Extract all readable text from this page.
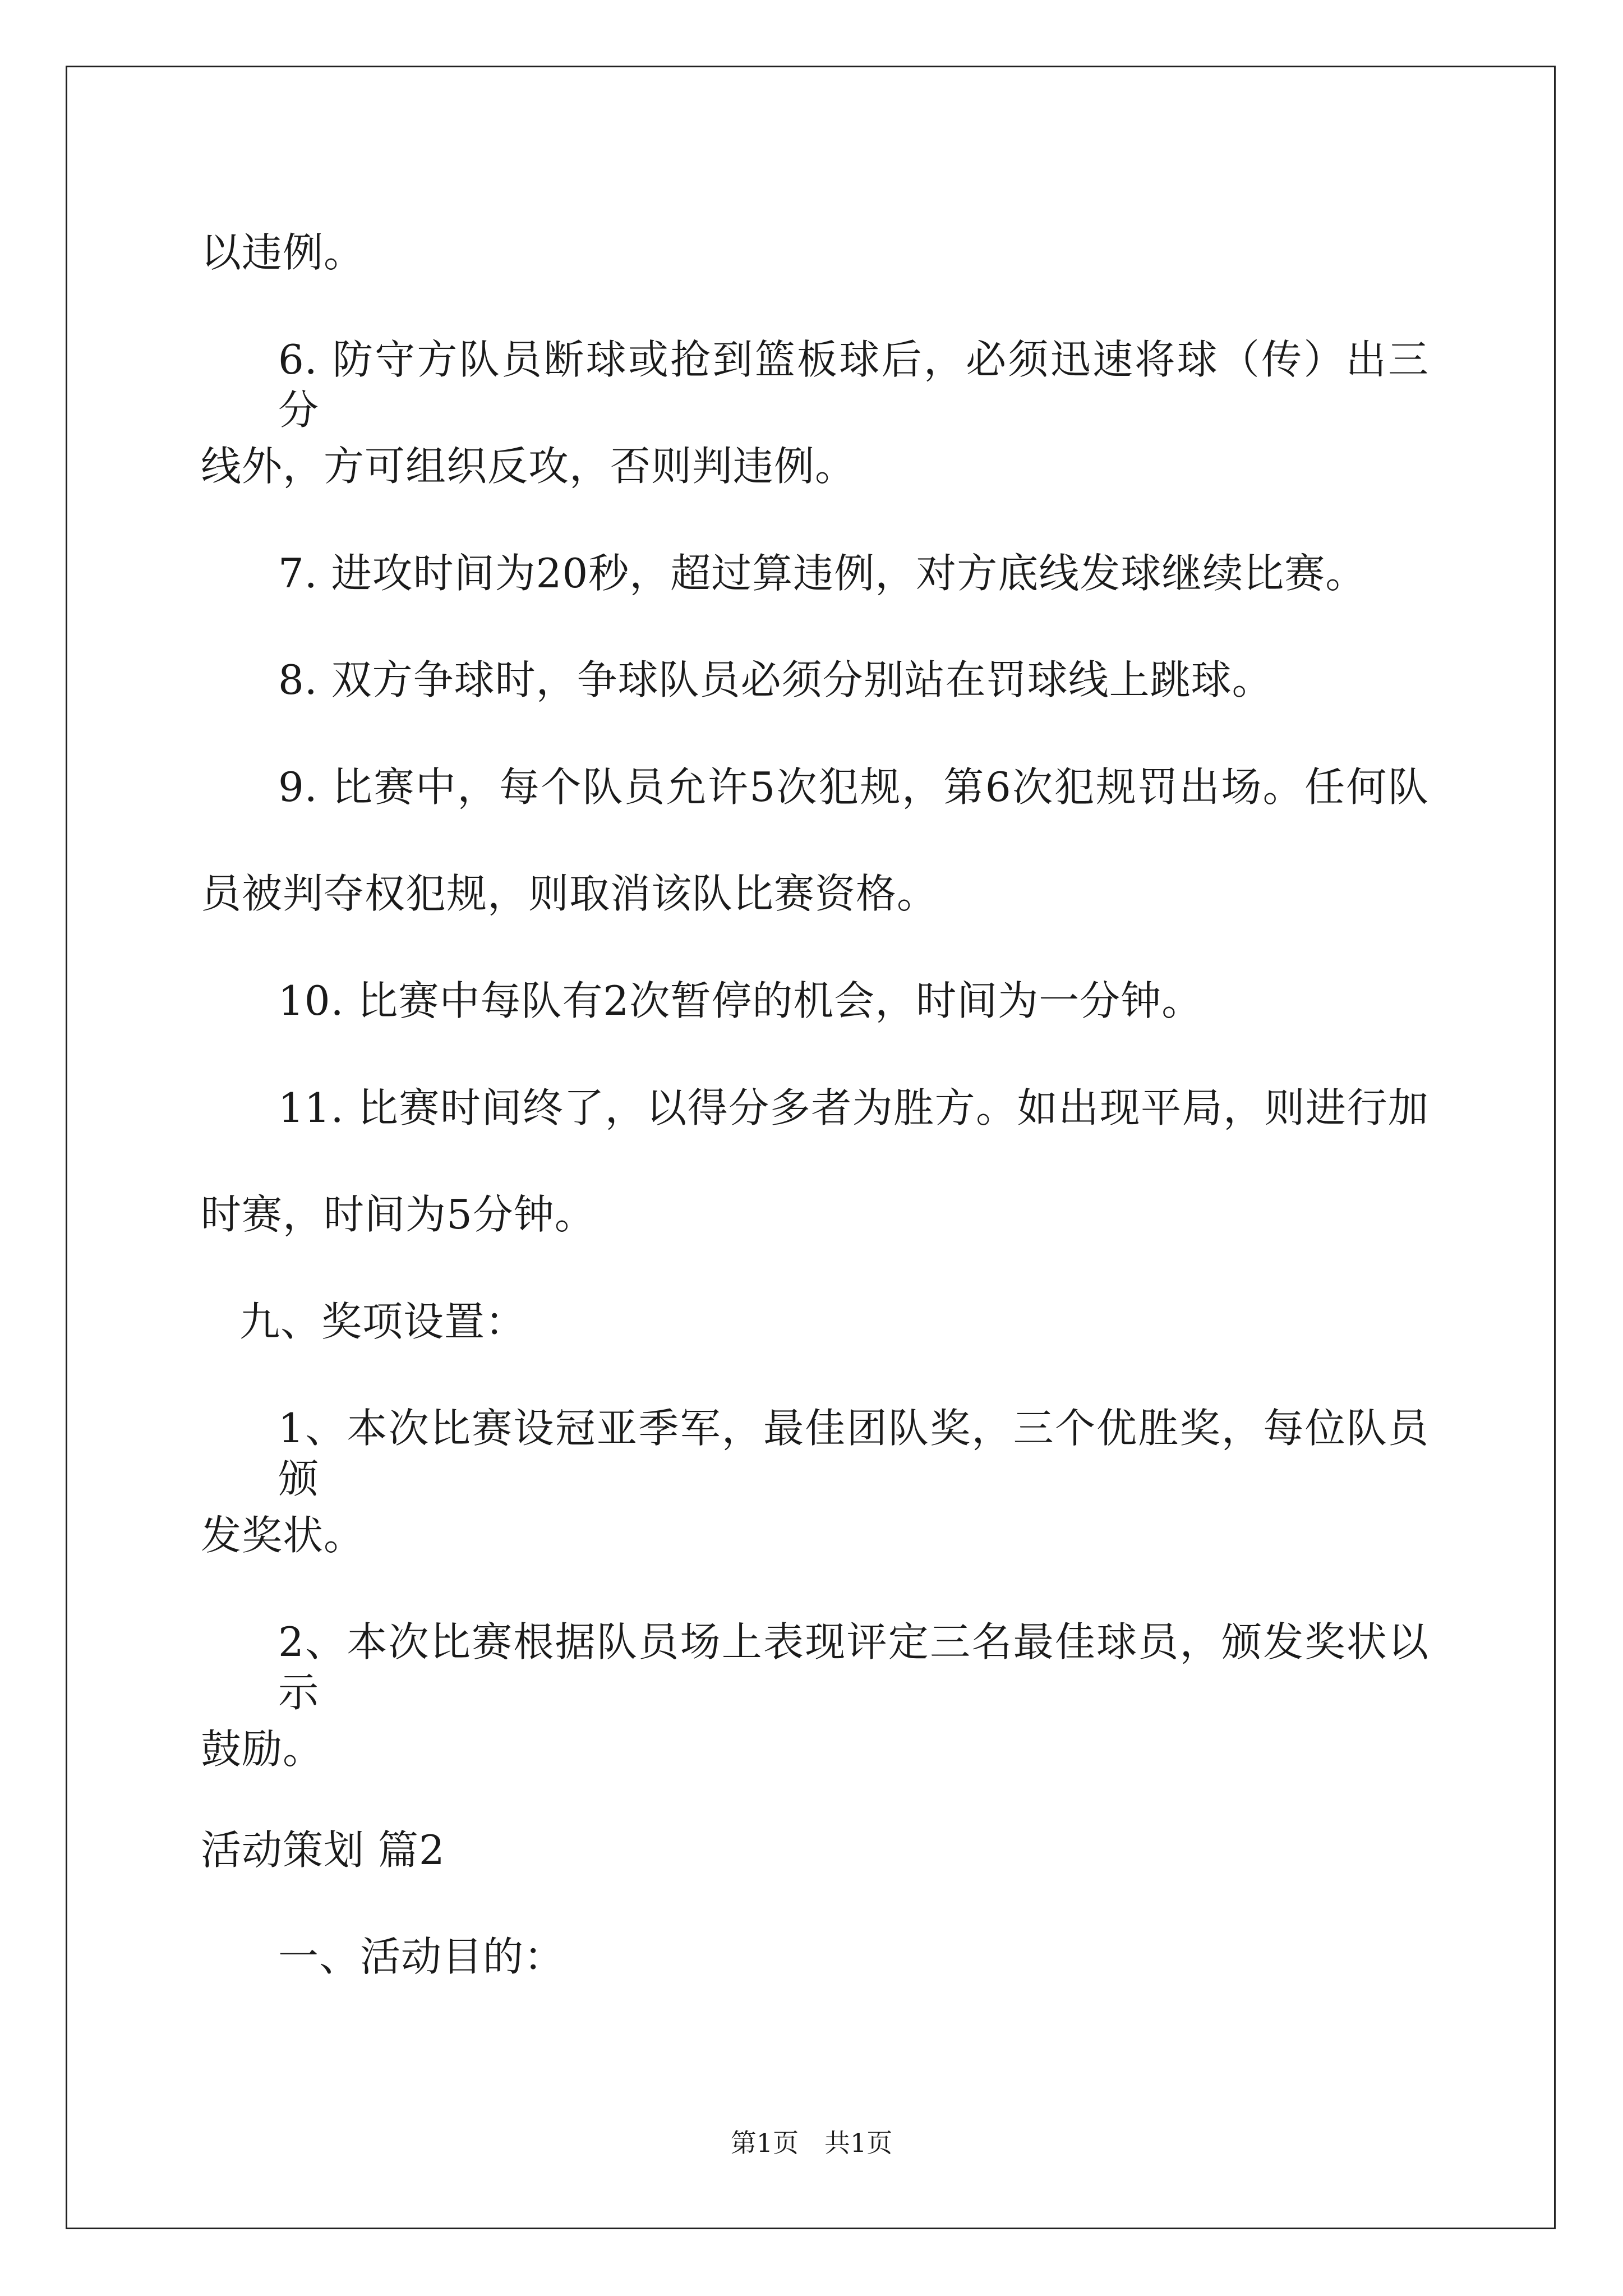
以违例。
6. 防守方队员断球或抢到篮板球后，必须迅速将球（传）出三分
线外，方可组织反攻，否则判违例。
7. 进攻时间为20秒，超过算违例，对方底线发球继续比赛。
8. 双方争球时，争球队员必须分别站在罚球线上跳球。
9. 比赛中，每个队员允许5次犯规，第6次犯规罚出场。任何队
员被判夺权犯规，则取消该队比赛资格。
10. 比赛中每队有2次暂停的机会，时间为一分钟。
11. 比赛时间终了，以得分多者为胜方。如出现平局，则进行加
时赛，时间为5分钟。
九、奖项设置：
1、本次比赛设冠亚季军，最佳团队奖，三个优胜奖，每位队员颁
发奖状。
2、本次比赛根据队员场上表现评定三名最佳球员，颁发奖状以示
鼓励。
活动策划 篇2
一、活动目的：
第1页　共1页
